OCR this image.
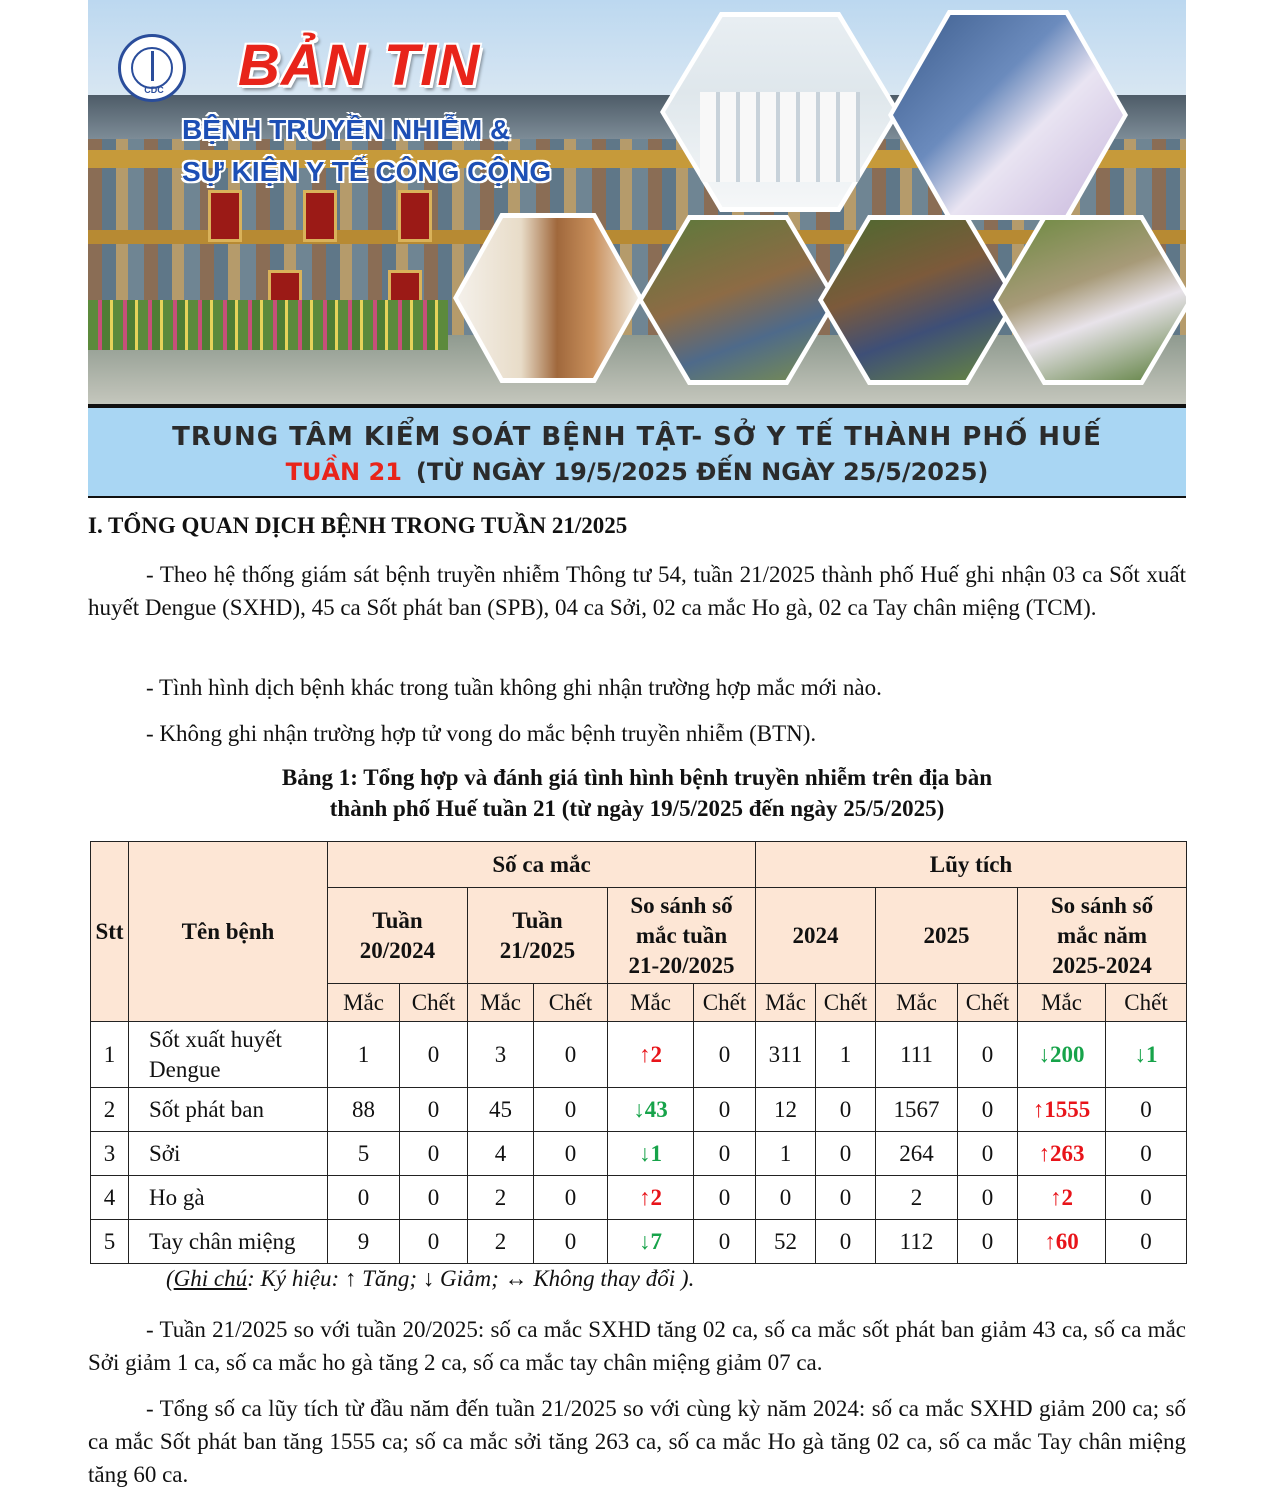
CDC BẢN TIN
BỆNH TRUYỀN NHIỄM &
SỰ KIỆN Y TẾ CÔNG CỘNG
TRUNG TÂM KIỂM SOÁT BỆNH TẬT- SỞ Y TẾ THÀNH PHỐ HUẾ
TUẦN 21 (TỪ NGÀY 19/5/2025 ĐẾN NGÀY 25/5/2025)
I. TỔNG QUAN DỊCH BỆNH TRONG TUẦN 21/2025
- Theo hệ thống giám sát bệnh truyền nhiễm Thông tư 54, tuần 21/2025 thành phố Huế ghi nhận 03 ca Sốt xuất huyết Dengue (SXHD), 45 ca Sốt phát ban (SPB), 04 ca Sởi, 02 ca mắc Ho gà, 02 ca Tay chân miệng (TCM).
- Tình hình dịch bệnh khác trong tuần không ghi nhận trường hợp mắc mới nào.
- Không ghi nhận trường hợp tử vong do mắc bệnh truyền nhiễm (BTN).
Bảng 1: Tổng hợp và đánh giá tình hình bệnh truyền nhiễm trên địa bàn
thành phố Huế tuần 21 (từ ngày 19/5/2025 đến ngày 25/5/2025)
Stt	Tên bệnh	Số ca mắc						Lũy tích					
		Tuần 20/2024		Tuần 21/2025		So sánh số mắc tuần 21-20/2025		2024		2025		So sánh số mắc năm 2025-2024	
		Mắc	Chết	Mắc	Chết	Mắc	Chết	Mắc	Chết	Mắc	Chết	Mắc	Chết
1	Sốt xuất huyết Dengue	1	0	3	0	↑2	0	311	1	111	0	↓200	↓1
2	Sốt phát ban	88	0	45	0	↓43	0	12	0	1567	0	↑1555	0
3	Sởi	5	0	4	0	↓1	0	1	0	264	0	↑263	0
4	Ho gà	0	0	2	0	↑2	0	0	0	2	0	↑2	0
5	Tay chân miệng	9	0	2	0	↓7	0	52	0	112	0	↑60	0
(Ghi chú: Ký hiệu: ↑ Tăng; ↓ Giảm; ↔ Không thay đổi ).
- Tuần 21/2025 so với tuần 20/2025: số ca mắc SXHD tăng 02 ca, số ca mắc sốt phát ban giảm 43 ca, số ca mắc Sởi giảm 1 ca, số ca mắc ho gà tăng 2 ca, số ca mắc tay chân miệng giảm 07 ca.
- Tổng số ca lũy tích từ đầu năm đến tuần 21/2025 so với cùng kỳ năm 2024: số ca mắc SXHD giảm 200 ca; số ca mắc Sốt phát ban tăng 1555 ca; số ca mắc sởi tăng 263 ca, số ca mắc Ho gà tăng 02 ca, số ca mắc Tay chân miệng tăng 60 ca.
